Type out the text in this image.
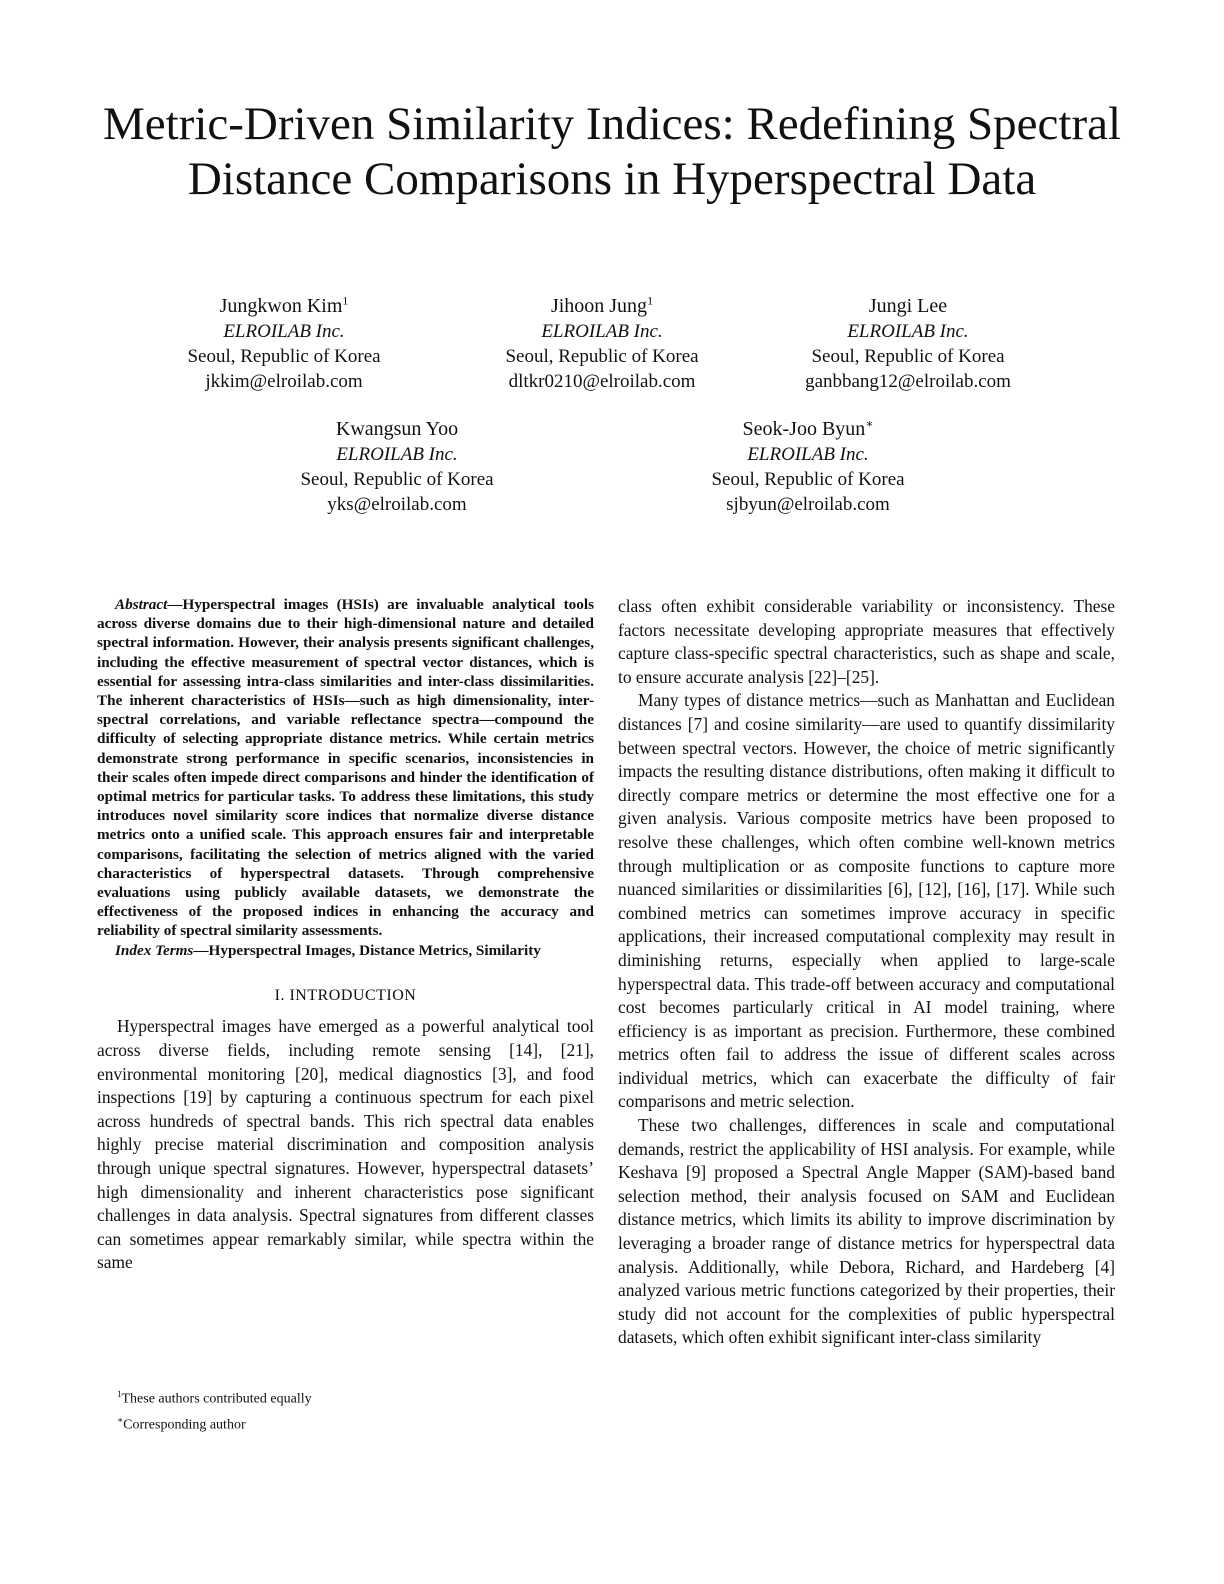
Metric-Driven Similarity Indices: Redefining Spectral Distance Comparisons in Hyperspectral Data
Jungkwon Kim$^1$
ELROILAB Inc.
Seoul, Republic of Korea
jkkim@elroilab.com
Jihoon Jung$^1$
ELROILAB Inc.
Seoul, Republic of Korea
dltkr0210@elroilab.com
Jungi Lee
ELROILAB Inc.
Seoul, Republic of Korea
ganbbang12@elroilab.com
Kwangsun Yoo
ELROILAB Inc.
Seoul, Republic of Korea
yks@elroilab.com
Seok-Joo Byun∗
ELROILAB Inc.
Seoul, Republic of Korea
sjbyun@elroilab.com

Abstract—Hyperspectral images (HSIs) are invaluable analytical tools across diverse domains due to their high-dimensional nature and detailed spectral information. However, their analysis presents significant challenges, including the effective measurement of spectral vector distances, which is essential for assessing intra-class similarities and inter-class dissimilarities. The inherent characteristics of HSIs—such as high dimensionality, inter-spectral correlations, and variable reflectance spectra—compound the difficulty of selecting appropriate distance metrics. While certain metrics demonstrate strong performance in specific scenarios, inconsistencies in their scales often impede direct comparisons and hinder the identification of optimal metrics for particular tasks. To address these limitations, this study introduces novel similarity score indices that normalize diverse distance metrics onto a unified scale. This approach ensures fair and interpretable comparisons, facilitating the selection of metrics aligned with the varied characteristics of hyperspectral datasets. Through comprehensive evaluations using publicly available datasets, we demonstrate the effectiveness of the proposed indices in enhancing the accuracy and reliability of spectral similarity assessments.

Index Terms—Hyperspectral Images, Distance Metrics, Similarity

I. INTRODUCTION

Hyperspectral images have emerged as a powerful analytical tool across diverse fields, including remote sensing [14], [21], environmental monitoring [20], medical diagnostics [3], and food inspections [19] by capturing a continuous spectrum for each pixel across hundreds of spectral bands. This rich spectral data enables highly precise material discrimination and composition analysis through unique spectral signatures. However, hyperspectral datasets’ high dimensionality and inherent characteristics pose significant challenges in data analysis. Spectral signatures from different classes can sometimes appear remarkably similar, while spectra within the same

class often exhibit considerable variability or inconsistency. These factors necessitate developing appropriate measures that effectively capture class-specific spectral characteristics, such as shape and scale, to ensure accurate analysis [22]–[25].

Many types of distance metrics—such as Manhattan and Euclidean distances [7] and cosine similarity—are used to quantify dissimilarity between spectral vectors. However, the choice of metric significantly impacts the resulting distance distributions, often making it difficult to directly compare metrics or determine the most effective one for a given analysis. Various composite metrics have been proposed to resolve these challenges, which often combine well-known metrics through multiplication or as composite functions to capture more nuanced similarities or dissimilarities [6], [12], [16], [17]. While such combined metrics can sometimes improve accuracy in specific applications, their increased computational complexity may result in diminishing returns, especially when applied to large-scale hyperspectral data. This trade-off between accuracy and computational cost becomes particularly critical in AI model training, where efficiency is as important as precision. Furthermore, these combined metrics often fail to address the issue of different scales across individual metrics, which can exacerbate the difficulty of fair comparisons and metric selection.

These two challenges, differences in scale and computational demands, restrict the applicability of HSI analysis. For example, while Keshava [9] proposed a Spectral Angle Mapper (SAM)-based band selection method, their analysis focused on SAM and Euclidean distance metrics, which limits its ability to improve discrimination by leveraging a broader range of distance metrics for hyperspectral data analysis. Additionally, while Debora, Richard, and Hardeberg [4] analyzed various metric functions categorized by their properties, their study did not account for the complexities of public hyperspectral datasets, which often exhibit significant inter-class similarity

$^1$These authors contributed equally
∗Corresponding author
